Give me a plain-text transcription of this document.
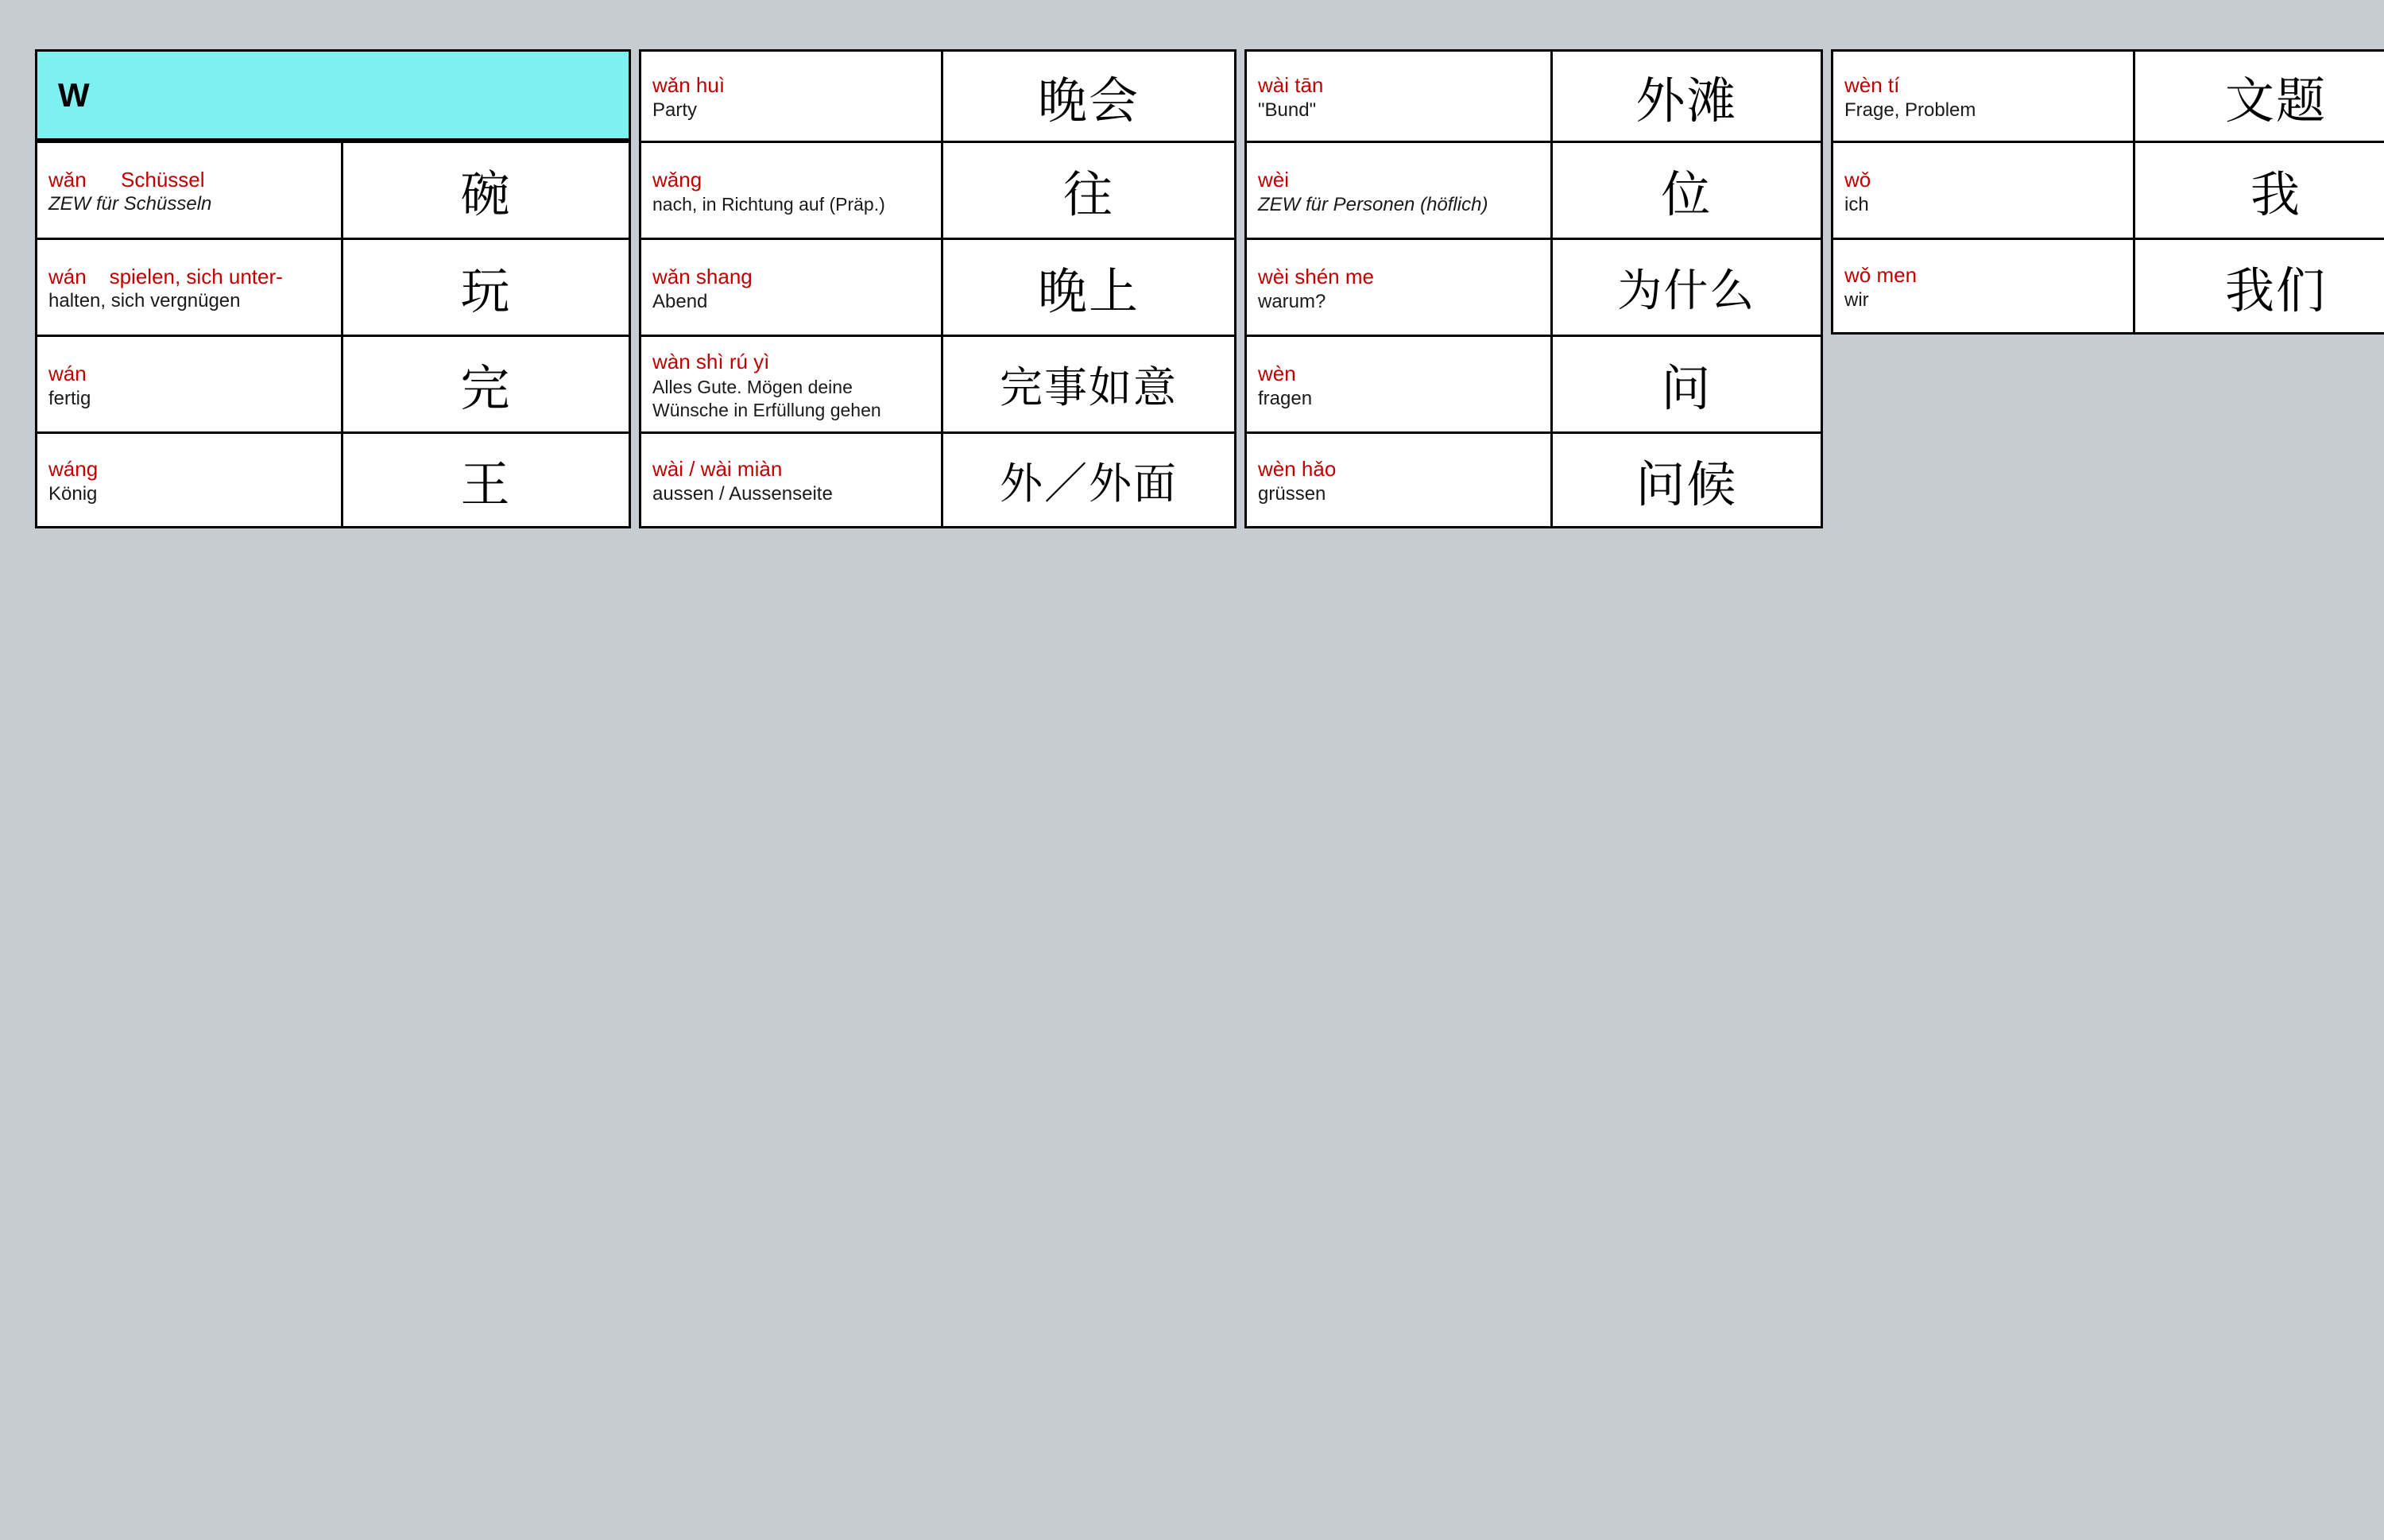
W
wǎn      Schüssel
ZEW für Schüsseln	碗
wán    spielen, sich unter-
halten, sich vergnügen	玩
wán
fertig	完
wáng
König	王
wǎn huì
Party	晚会
wǎng
nach, in Richtung auf (Präp.)	往
wǎn shang
Abend	晚上
wàn shì rú yì
Alles Gute. Mögen deine Wünsche in Erfüllung gehen	完事如意
wài / wài miàn
aussen / Aussenseite	外／外面
wài tān
"Bund"	外滩
wèi
ZEW für Personen (höflich)	位
wèi shén me
warum?	为什么
wèn
fragen	问
wèn hǎo
grüssen	问候
wèn tí
Frage, Problem	文题
wǒ
ich	我
wǒ men
wir	我们
